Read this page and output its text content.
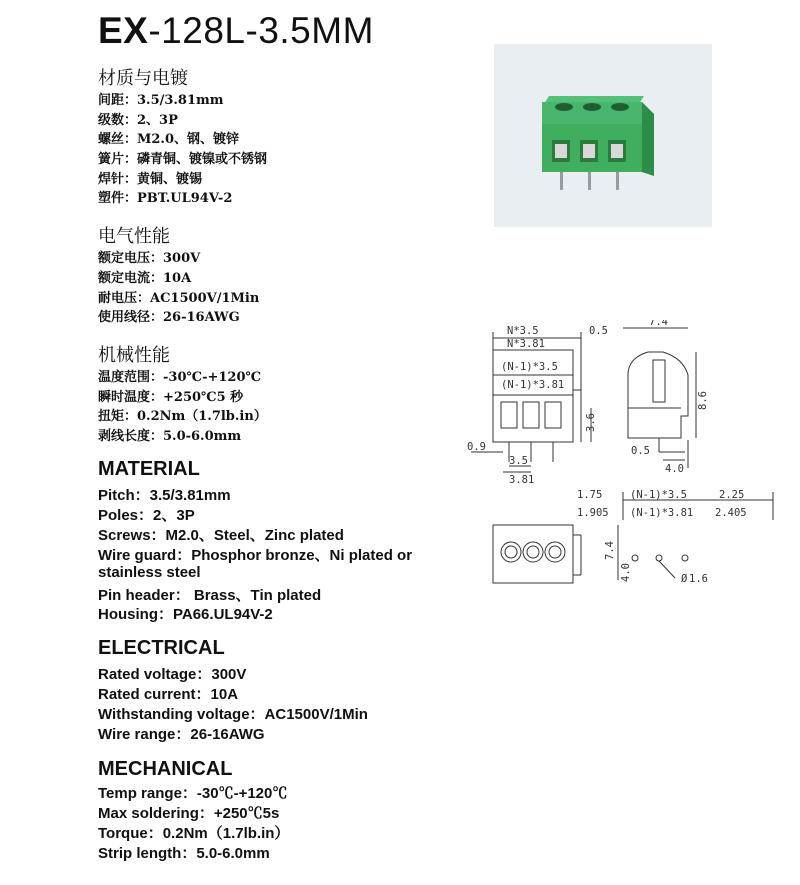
EX-128L-3.5MM
材质与电镀
间距：3.5/3.81mm
级数：2、3P
螺丝：M2.0、钢、镀锌
簧片：磷青铜、镀镍或不锈钢
焊针：黄铜、镀锡
塑件：PBT.UL94V-2
电气性能
额定电压：300V
额定电流：10A
耐电压：AC1500V/1Min
使用线径：26-16AWG
机械性能
温度范围：-30℃-+120℃
瞬时温度：+250℃5 秒
扭矩：0.2Nm（1.7lb.in）
剥线长度：5.0-6.0mm
MATERIAL
Pitch：3.5/3.81mm
Poles：2、3P
Screws：M2.0、Steel、Zinc plated
Wire guard：Phosphor bronze、Ni plated or
stainless steel
Pin header： Brass、Tin plated
Housing：PA66.UL94V-2
ELECTRICAL
Rated voltage：300V
Rated current：10A
Withstanding voltage：AC1500V/1Min
Wire range：26-16AWG
MECHANICAL
Temp range：-30℃-+120℃
Max soldering：+250℃5s
Torque：0.2Nm（1.7lb.in）
Strip length：5.0-6.0mm
N*3.5
N*3.81
0.5
(N-1)*3.5
(N-1)*3.81
3.6
0.9
3.5
3.81
7.4
8.6
0.5
4.0
1.75
1.905
(N-1)*3.5
(N-1)*3.81
2.25
2.405
7.4
4.0	Ø 1.6
